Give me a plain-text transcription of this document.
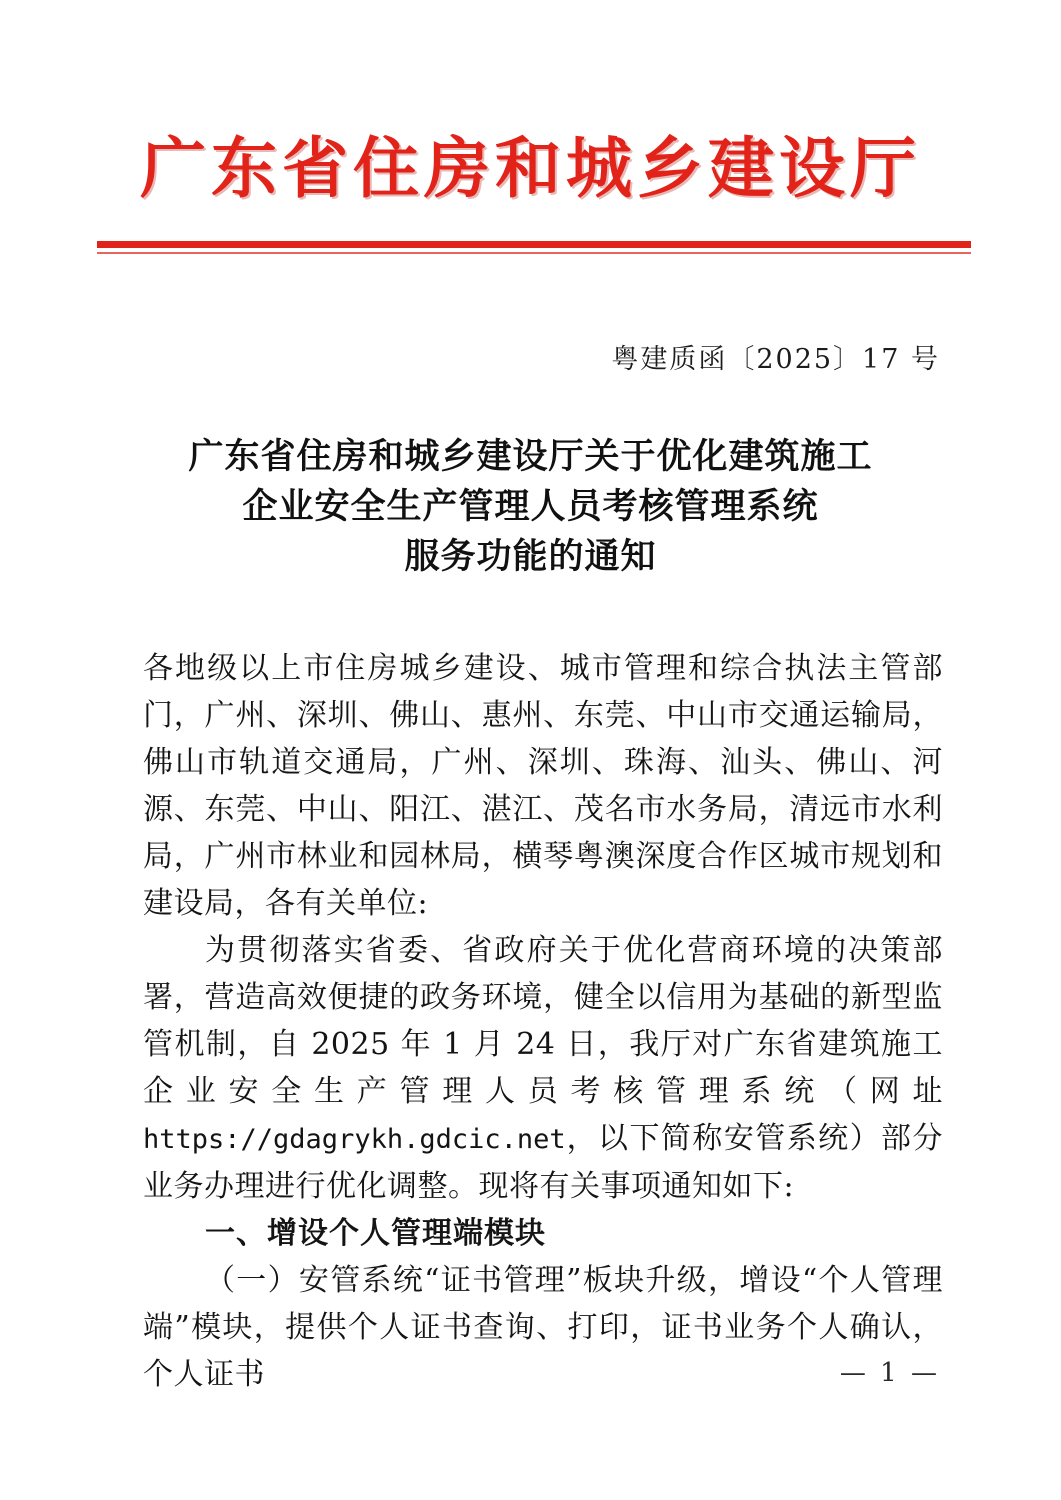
广东省住房和城乡建设厅
粤建质函〔2025〕17 号
广东省住房和城乡建设厅关于优化建筑施工
企业安全生产管理人员考核管理系统
服务功能的通知

各地级以上市住房城乡建设、城市管理和综合执法主管部门，广州、深圳、佛山、惠州、东莞、中山市交通运输局，佛山市轨道交通局，广州、深圳、珠海、汕头、佛山、河源、东莞、中山、阳江、湛江、茂名市水务局，清远市水利局，广州市林业和园林局，横琴粤澳深度合作区城市规划和建设局，各有关单位:

为贯彻落实省委、省政府关于优化营商环境的决策部署，营造高效便捷的政务环境，健全以信用为基础的新型监管机制，自 2025 年 1 月 24 日，我厅对广东省建筑施工企业安全生产管理人员考核管理系统（网址 https://gdagrykh.gdcic.net，以下简称安管系统）部分业务办理进行优化调整。现将有关事项通知如下:

一、增设个人管理端模块

（一）安管系统“证书管理”板块升级，增设“个人管理端”模块，提供个人证书查询、打印，证书业务个人确认，个人证书	— 1 —
